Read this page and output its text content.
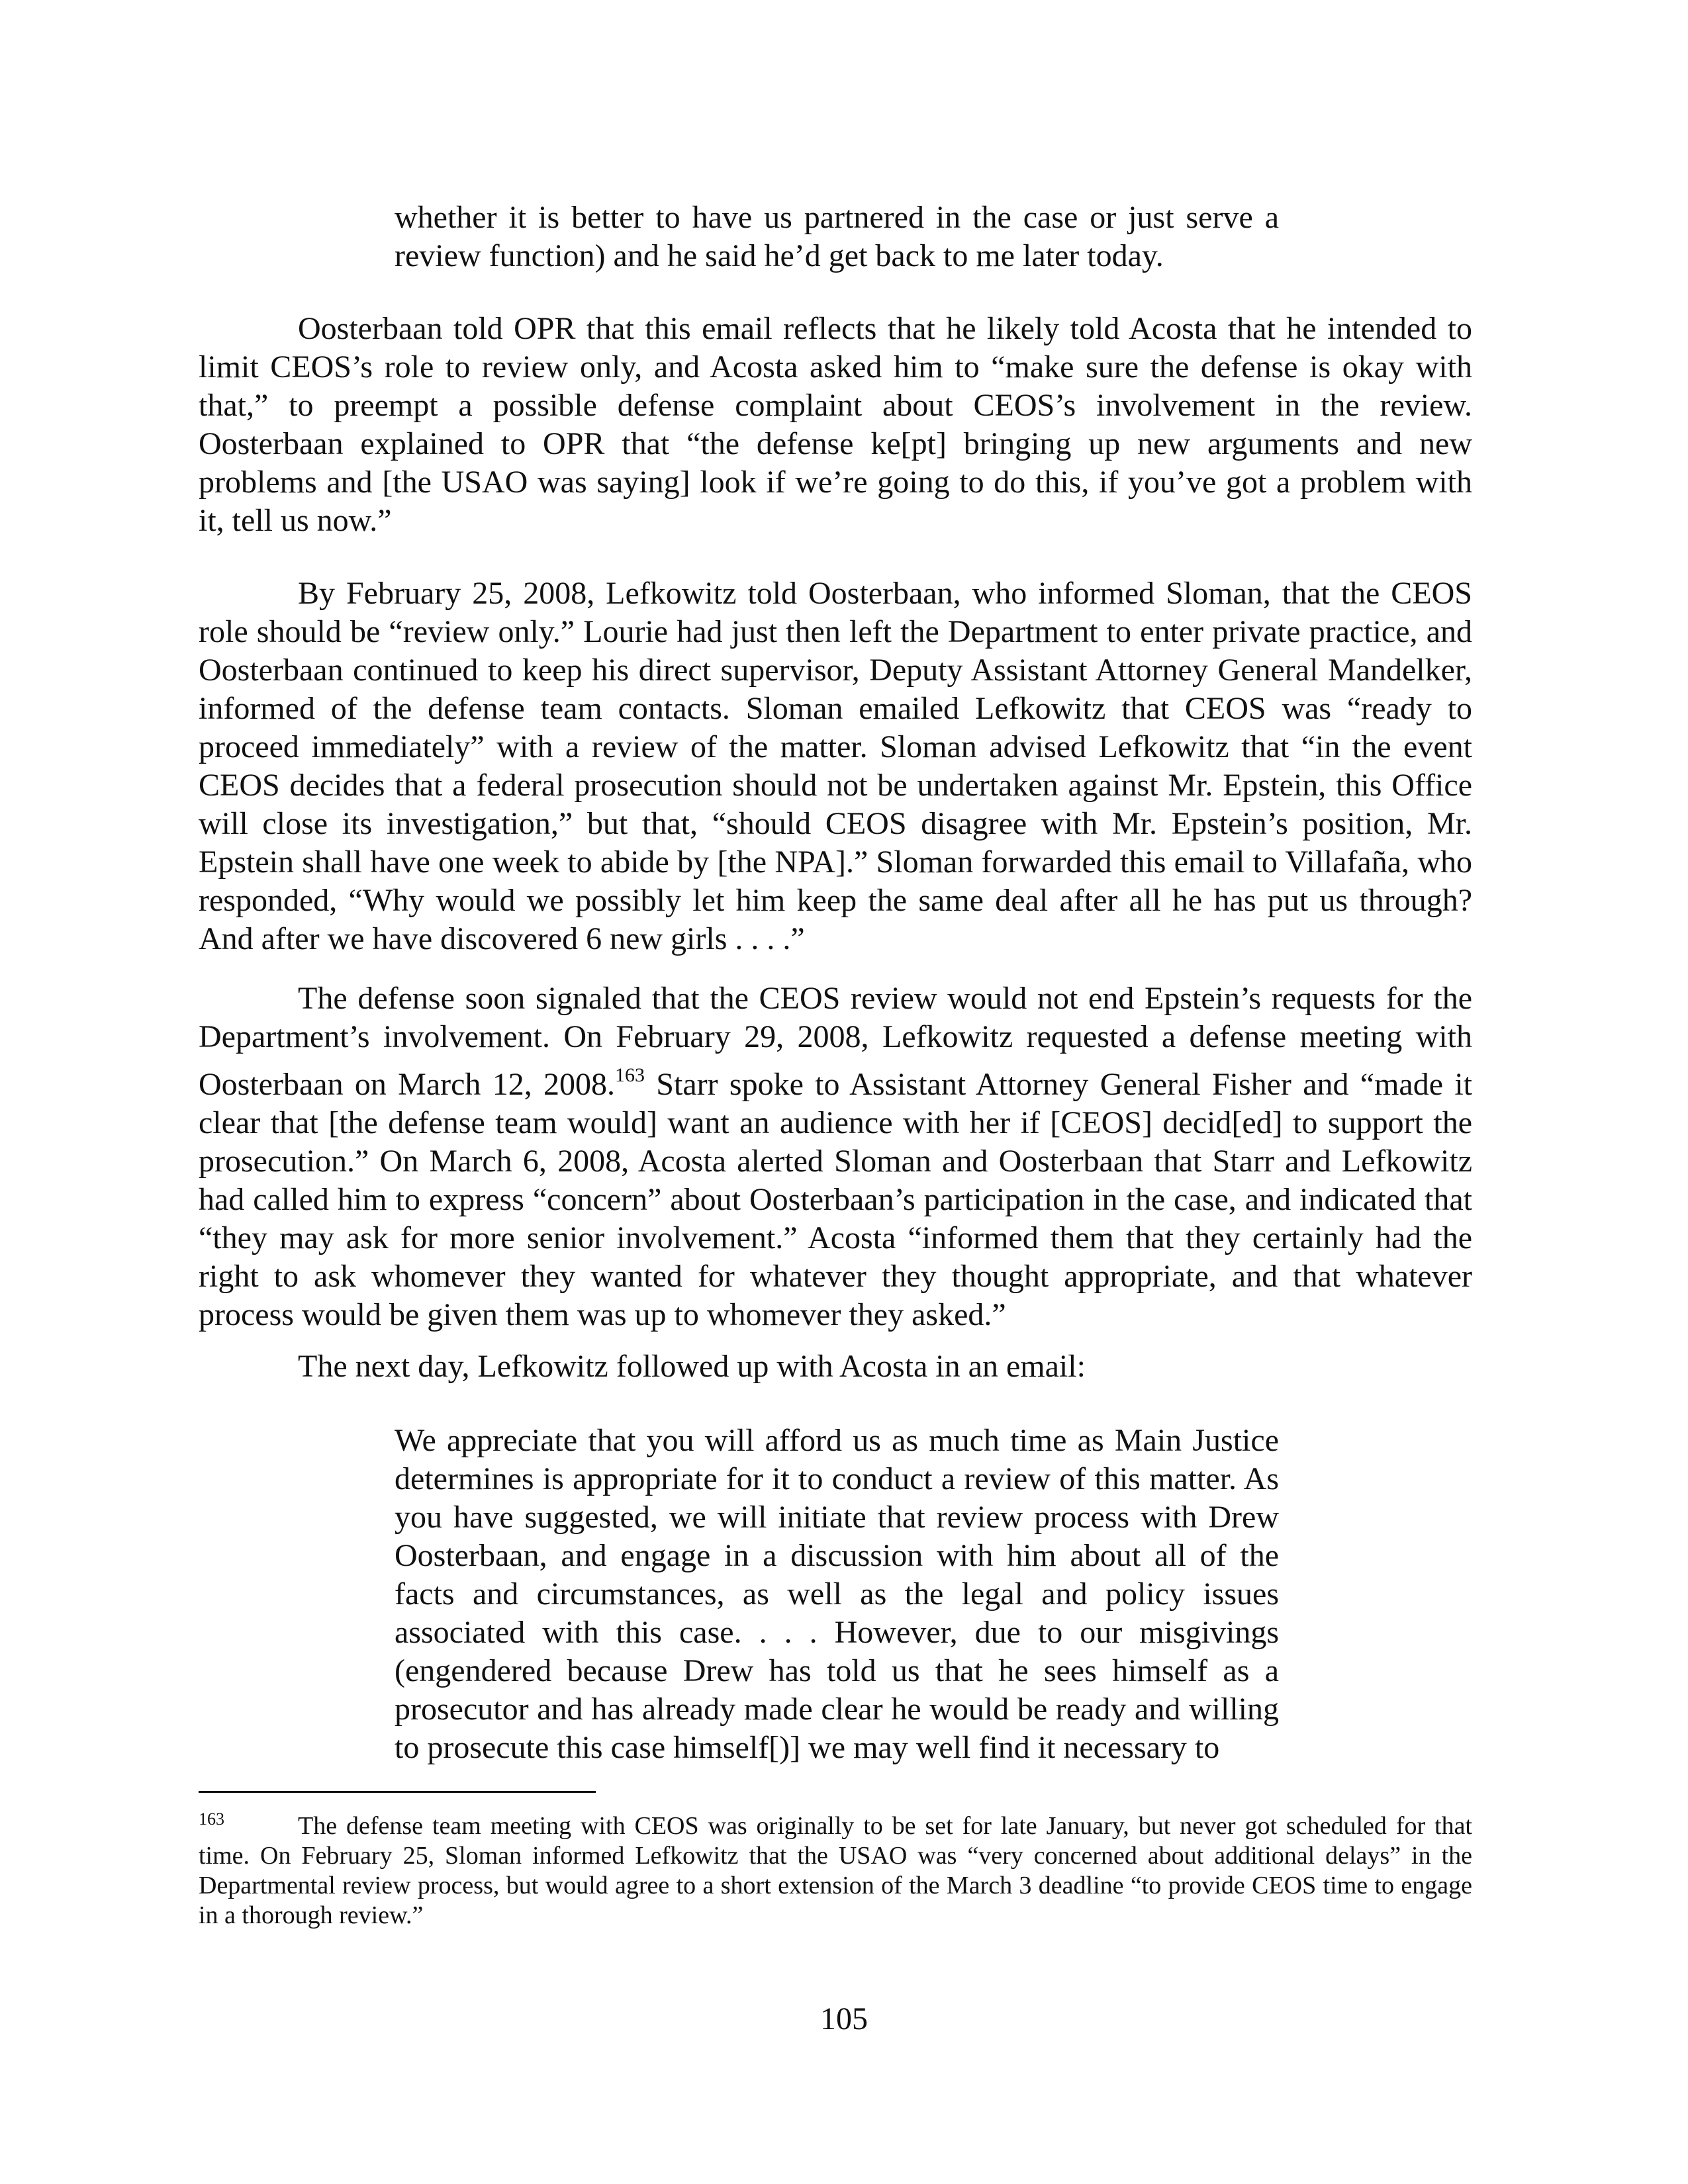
whether it is better to have us partnered in the case or just serve a review function) and he said he’d get back to me later today.

Oosterbaan told OPR that this email reflects that he likely told Acosta that he intended to limit CEOS’s role to review only, and Acosta asked him to “make sure the defense is okay with that,” to preempt a possible defense complaint about CEOS’s involvement in the review. Oosterbaan explained to OPR that “the defense ke[pt] bringing up new arguments and new problems and [the USAO was saying] look if we’re going to do this, if you’ve got a problem with it, tell us now.”

By February 25, 2008, Lefkowitz told Oosterbaan, who informed Sloman, that the CEOS role should be “review only.” Lourie had just then left the Department to enter private practice, and Oosterbaan continued to keep his direct supervisor, Deputy Assistant Attorney General Mandelker, informed of the defense team contacts. Sloman emailed Lefkowitz that CEOS was “ready to proceed immediately” with a review of the matter. Sloman advised Lefkowitz that “in the event CEOS decides that a federal prosecution should not be undertaken against Mr. Epstein, this Office will close its investigation,” but that, “should CEOS disagree with Mr. Epstein’s position, Mr. Epstein shall have one week to abide by [the NPA].” Sloman forwarded this email to Villafaña, who responded, “Why would we possibly let him keep the same deal after all he has put us through? And after we have discovered 6 new girls . . . .”

The defense soon signaled that the CEOS review would not end Epstein’s requests for the Department’s involvement. On February 29, 2008, Lefkowitz requested a defense meeting with Oosterbaan on March 12, 2008.$^{163}$ Starr spoke to Assistant Attorney General Fisher and “made it clear that [the defense team would] want an audience with her if [CEOS] decid[ed] to support the prosecution.” On March 6, 2008, Acosta alerted Sloman and Oosterbaan that Starr and Lefkowitz had called him to express “concern” about Oosterbaan’s participation in the case, and indicated that “they may ask for more senior involvement.” Acosta “informed them that they certainly had the right to ask whomever they wanted for whatever they thought appropriate, and that whatever process would be given them was up to whomever they asked.”

The next day, Lefkowitz followed up with Acosta in an email:

We appreciate that you will afford us as much time as Main Justice determines is appropriate for it to conduct a review of this matter. As you have suggested, we will initiate that review process with Drew Oosterbaan, and engage in a discussion with him about all of the facts and circumstances, as well as the legal and policy issues associated with this case. . . . However, due to our misgivings (engendered because Drew has told us that he sees himself as a prosecutor and has already made clear he would be ready and willing to prosecute this case himself[)] we may well find it necessary to

163	The defense team meeting with CEOS was originally to be set for late January, but never got scheduled for that time. On February 25, Sloman informed Lefkowitz that the USAO was “very concerned about additional delays” in the Departmental review process, but would agree to a short extension of the March 3 deadline “to provide CEOS time to engage in a thorough review.”

105
